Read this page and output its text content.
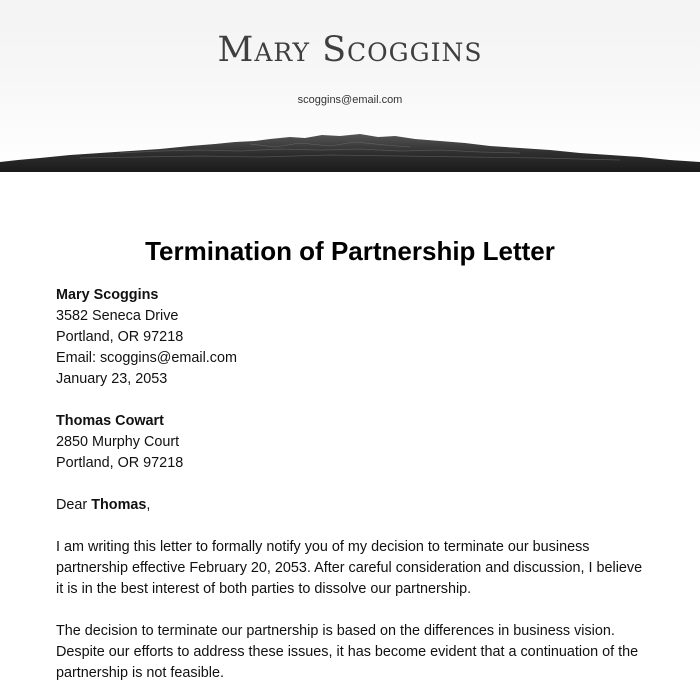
Mary Scoggins
scoggins@email.com
Termination of Partnership Letter
Mary Scoggins
3582 Seneca Drive
Portland, OR 97218
Email: scoggins@email.com
January 23, 2053
Thomas Cowart
2850 Murphy Court
Portland, OR 97218
Dear Thomas,
I am writing this letter to formally notify you of my decision to terminate our business partnership effective February 20, 2053. After careful consideration and discussion, I believe it is in the best interest of both parties to dissolve our partnership.
The decision to terminate our partnership is based on the differences in business vision. Despite our efforts to address these issues, it has become evident that a continuation of the partnership is not feasible.
